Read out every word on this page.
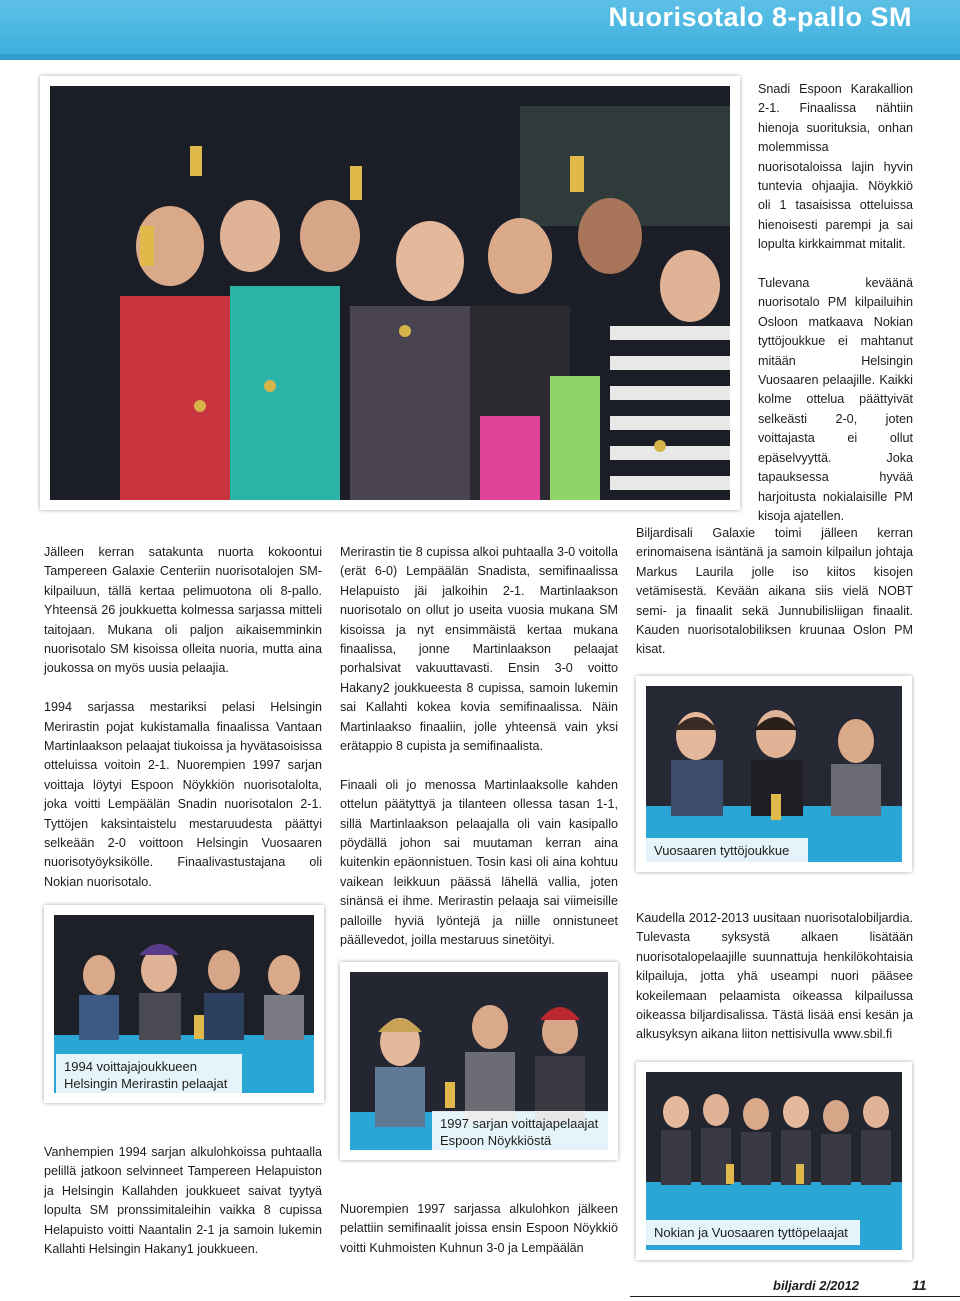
Nuorisotalo 8-pallo SM

Snadi Espoon Karakallion 2-1. Finaalissa nähtiin hienoja suorituksia, onhan molemmissa nuorisotaloissa lajin hyvin tuntevia ohjaajia. Nöykkiö oli 1 tasaisissa otteluissa hienoisesti parempi ja sai lopulta kirkkaimmat mitalit.

Tulevana keväänä nuorisotalo PM kilpailuihin Osloon matkaava Nokian tyttöjoukkue ei mahtanut mitään Helsingin Vuosaaren pelaajille. Kaikki kolme ottelua päättyivät selkeästi 2-0, joten voittajasta ei ollut epäselvyyttä. Joka tapauksessa hyvää harjoitusta nokialaisille PM kisoja ajatellen.

Jälleen kerran satakunta nuorta kokoontui Tampereen Galaxie Centeriin nuorisotalojen SM-kilpailuun, tällä kertaa pelimuotona oli 8-pallo. Yhteensä 26 joukkuetta kolmessa sarjassa mitteli taitojaan. Mukana oli paljon aikaisemminkin nuorisotalo SM kisoissa olleita nuoria, mutta aina joukossa on myös uusia pelaajia.

1994 sarjassa mestariksi pelasi Helsingin Merirastin pojat kukistamalla finaalissa Vantaan Martinlaakson pelaajat tiukoissa ja hyvätasoisissa otteluissa voitoin 2-1. Nuorempien 1997 sarjan voittaja löytyi Espoon Nöykkiön nuorisotalolta, joka voitti Lempäälän Snadin nuorisotalon 2-1. Tyttöjen kaksintaistelu mestaruudesta päättyi selkeään 2-0 voittoon Helsingin Vuosaaren nuorisotyöyksikölle. Finaalivastustajana oli Nokian nuorisotalo.

1994 voittajajoukkueen
Helsingin Merirastin pelaajat

Vanhempien 1994 sarjan alkulohkoissa puhtaalla pelillä jatkoon selvinneet Tampereen Helapuiston ja Helsingin Kallahden joukkueet saivat tyytyä lopulta SM pronssimitaleihin vaikka 8 cupissa Helapuisto voitti Naantalin 2-1 ja samoin lukemin Kallahti Helsingin Hakany1 joukkueen.

Merirastin tie 8 cupissa alkoi puhtaalla 3-0 voitolla (erät 6-0) Lempäälän Snadista, semifinaalissa Helapuisto jäi jalkoihin 2-1. Martinlaakson nuorisotalo on ollut jo useita vuosia mukana SM kisoissa ja nyt ensimmäistä kertaa mukana finaalissa, jonne Martinlaakson pelaajat porhalsivat vakuuttavasti. Ensin 3-0 voitto Hakany2 joukkueesta 8 cupissa, samoin lukemin sai Kallahti kokea kovia semifinaalissa. Näin Martinlaakso finaaliin, jolle yhteensä vain yksi erätappio 8 cupista ja semifinaalista.

Finaali oli jo menossa Martinlaaksolle kahden ottelun päätyttyä ja tilanteen ollessa tasan 1-1, sillä Martinlaakson pelaajalla oli vain kasipallo pöydällä johon sai muutaman kerran aina kuitenkin epäonnistuen. Tosin kasi oli aina kohtuu vaikean leikkuun päässä lähellä vallia, joten sinänsä ei ihme. Merirastin pelaaja sai viimeisille palloille hyviä lyöntejä ja niille onnistuneet päällevedot, joilla mestaruus sinetöityi.

1997 sarjan voittajapelaajat
Espoon Nöykkiöstä

Nuorempien 1997 sarjassa alkulohkon jälkeen pelattiin semifinaalit joissa ensin Espoon Nöykkiö voitti Kuhmoisten Kuhnun 3-0 ja Lempäälän

Biljardisali Galaxie toimi jälleen kerran erinomaisena isäntänä ja samoin kilpailun johtaja Markus Laurila jolle iso kiitos kisojen vetämisestä. Kevään aikana siis vielä NOBT semi- ja finaalit sekä Junnubilisliigan finaalit. Kauden nuorisotalobiliksen kruunaa Oslon PM kisat.

Vuosaaren tyttöjoukkue

Kaudella 2012-2013 uusitaan nuorisotalobiljardia. Tulevasta syksystä alkaen lisätään nuorisotalopelaajille suunnattuja henkilökohtaisia kilpailuja, jotta yhä useampi nuori pääsee kokeilemaan pelaamista oikeassa kilpailussa oikeassa biljardisalissa. Tästä lisää ensi kesän ja alkusyksyn aikana liiton nettisivulla www.sbil.fi

Nokian ja Vuosaaren tyttöpelaajat
biljardi 2/2012	11
